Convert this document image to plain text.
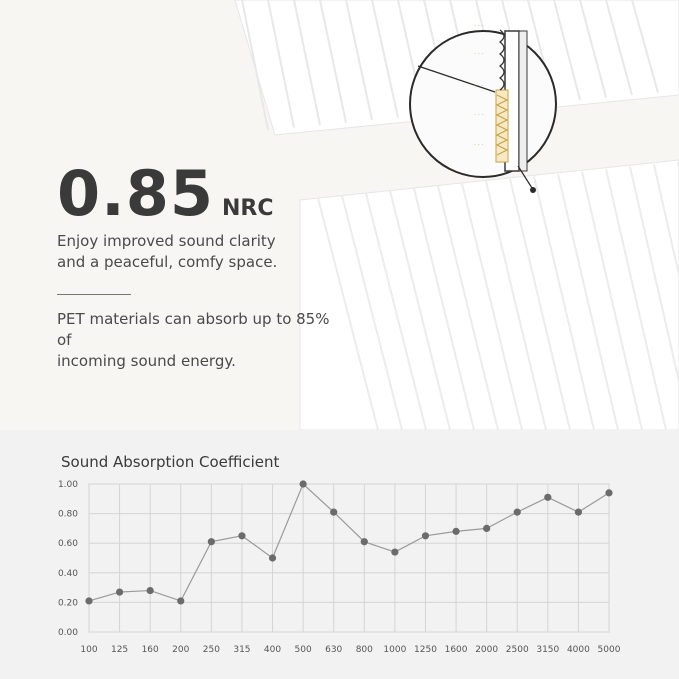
· · ·
· · ·
· · ·
· · ·
· · ·
0.85 NRC
Enjoy improved sound clarity
and a peaceful, comfy space.
PET materials can absorb up to 85% of
incoming sound energy.
Sound Absorption Coefficient
0.00
0.20
0.40
0.60
0.80
1.00
100 125 160 200 250 315 400 500 630 800 1000 1250 1600 2000 2500 3150 4000 5000
